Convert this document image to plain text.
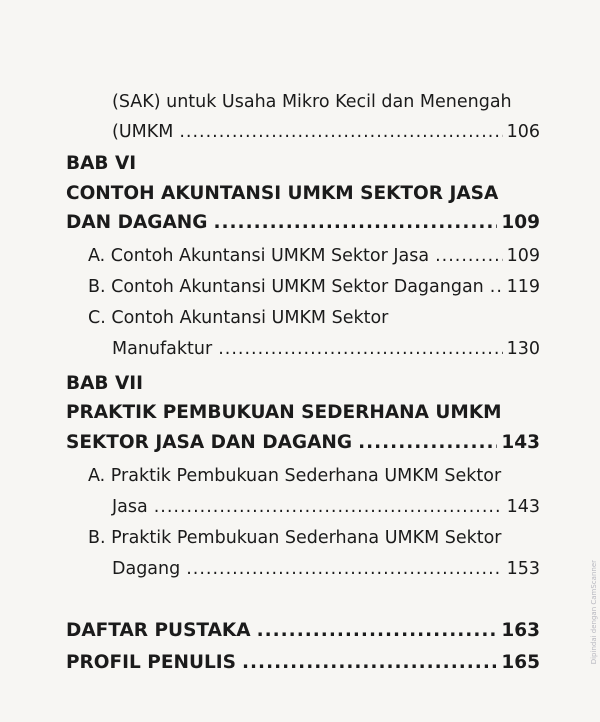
(SAK) untuk Usaha Mikro Kecil dan Menengah
(UMKM .....	106
BAB VI
CONTOH AKUNTANSI UMKM SEKTOR JASA
DAN DAGANG .....	109
A. Contoh Akuntansi UMKM Sektor Jasa .....	109
B. Contoh Akuntansi UMKM Sektor Dagangan ..... 119
C. Contoh Akuntansi UMKM Sektor
Manufaktur .....	130
BAB VII
PRAKTIK PEMBUKUAN SEDERHANA UMKM
SEKTOR JASA DAN DAGANG .....	143
A. Praktik Pembukuan Sederhana UMKM Sektor
Jasa .....	143
B. Praktik Pembukuan Sederhana UMKM Sektor
Dagang .....	153
DAFTAR PUSTAKA .....	163
PROFIL PENULIS .....	165	Dipindai dengan CamScanner
